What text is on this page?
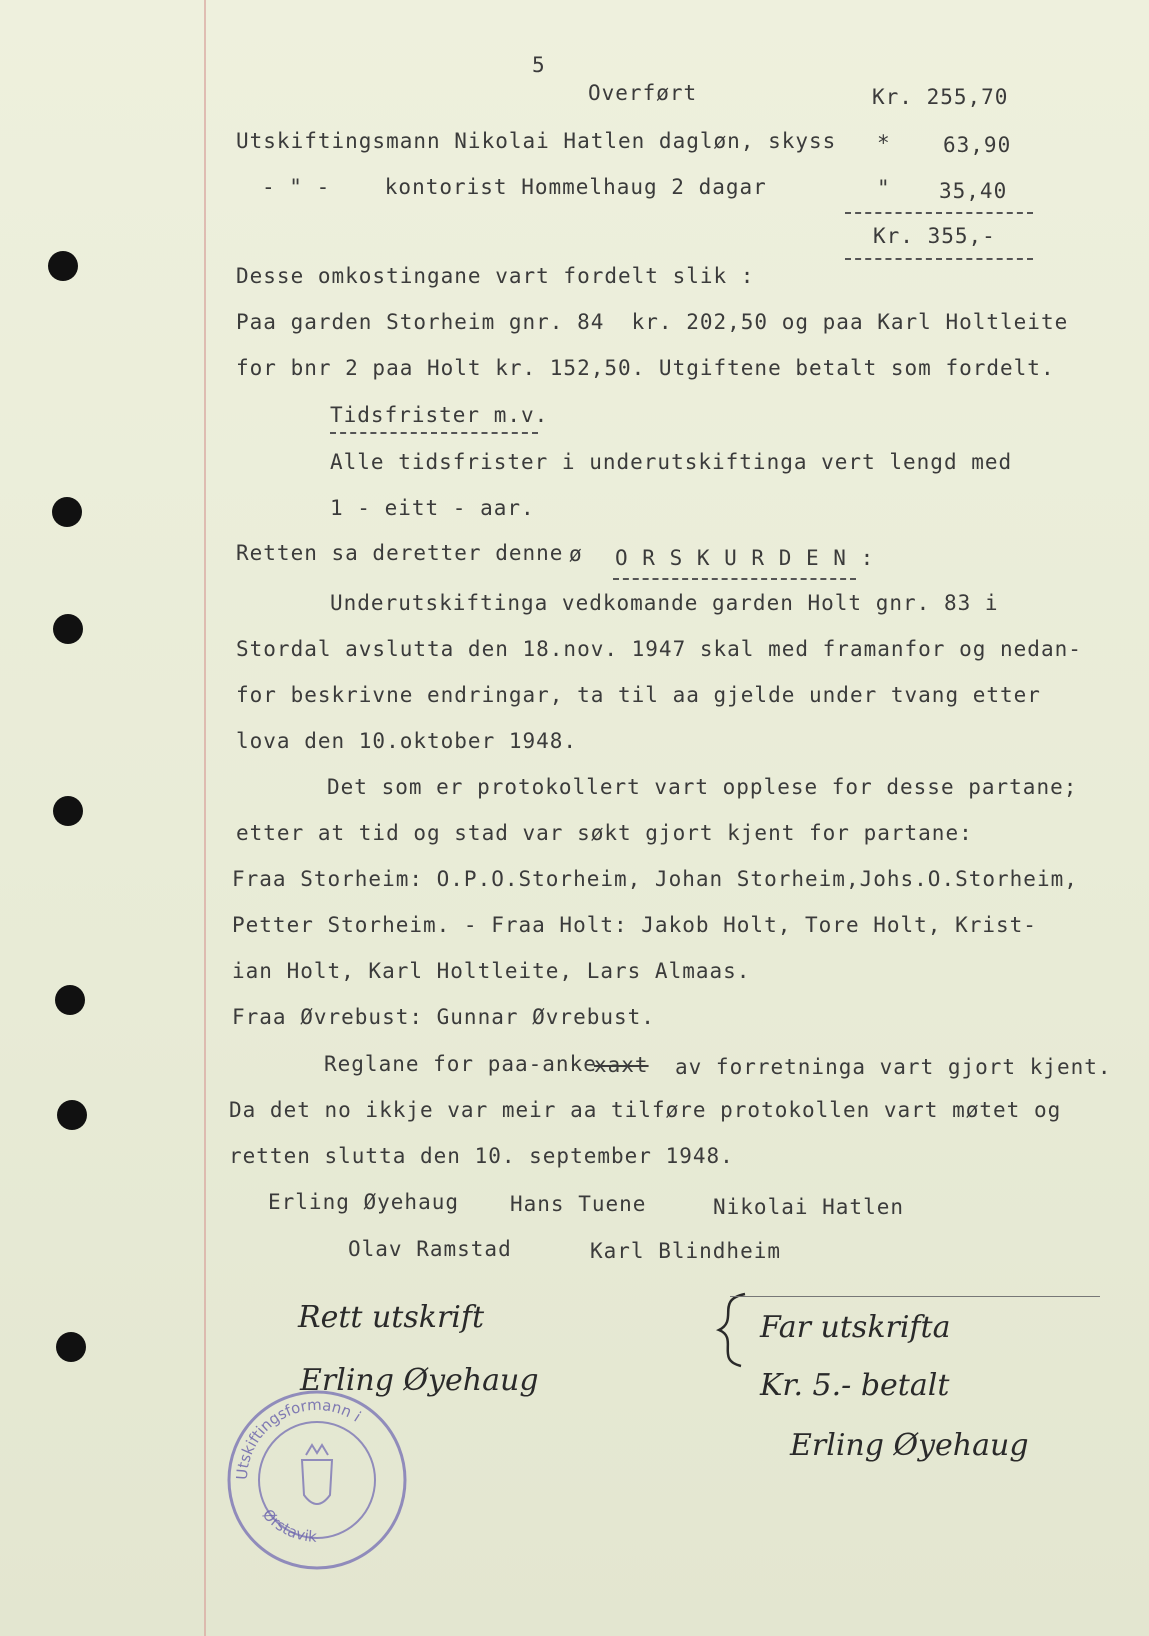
5
Overført	Kr. 255,70
Utskiftingsmann Nikolai Hatlen dagløn, skyss * 63,90
- " -    kontorist Hommelhaug 2 dagar	" 35,40
Kr. 355,-
Desse omkostingane vart fordelt slik :
Paa garden Storheim gnr. 84  kr. 202,50 og paa Karl Holtleite
for bnr 2 paa Holt kr. 152,50. Utgiftene betalt som fordelt.
Tidsfrister m.v.
Alle tidsfrister i underutskiftinga vert lengd med
1 - eitt - aar.
Retten sa deretter denne ø O R S K U R D E N :
Underutskiftinga vedkomande garden Holt gnr. 83 i
Stordal avslutta den 18.nov. 1947 skal med framanfor og nedan-
for beskrivne endringar, ta til aa gjelde under tvang etter
lova den 10.oktober 1948.
Det som er protokollert vart opplese for desse partane;
etter at tid og stad var søkt gjort kjent for partane:
Fraa Storheim: O.P.O.Storheim, Johan Storheim,Johs.O.Storheim,
Petter Storheim. - Fraa Holt: Jakob Holt, Tore Holt, Krist-
ian Holt, Karl Holtleite, Lars Almaas.
Fraa Øvrebust: Gunnar Øvrebust.
Reglane for paa-anke
xaxt av forretninga vart gjort kjent.
Da det no ikkje var meir aa tilføre protokollen vart møtet og
retten slutta den 10. september 1948.
Erling Øyehaug Hans Tuene	Nikolai Hatlen
Olav Ramstad	Karl Blindheim
Rett utskrift
Erling Øyehaug
Far utskrifta
Kr. 5.- betalt
Erling Øyehaug
Utskiftingsformann i
Ørstavik
